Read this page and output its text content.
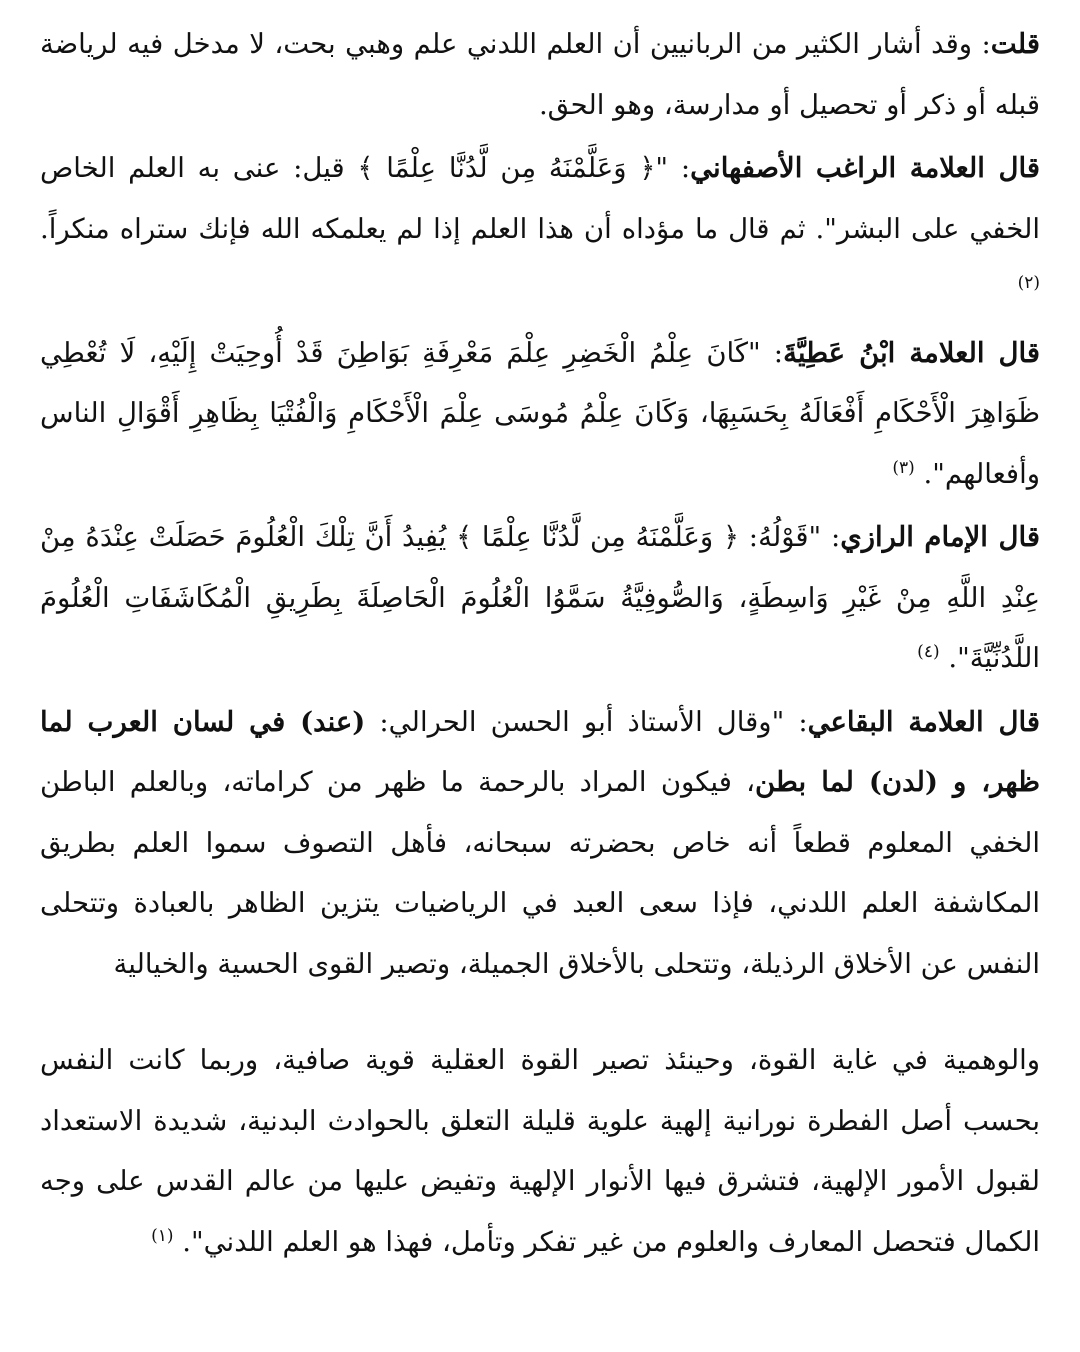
قلت: وقد أشار الكثير من الربانيين أن العلم اللدني علم وهبي بحت، لا مدخل فيه لرياضة قبله أو ذكر أو تحصيل أو مدارسة، وهو الحق.

قال العلامة الراغب الأصفهاني: "﴿ وَعَلَّمْنَهُ مِن لَّدُنَّا عِلْمًا ﴾ قيل: عنى به العلم الخاص الخفي على البشر". ثم قال ما مؤداه أن هذا العلم إذا لم يعلمكه الله فإنك ستراه منكراً. $^{(٢)}$

قال العلامة ابْنُ عَطِيَّةَ: "كَانَ عِلْمُ الْخَضِرِ عِلْمَ مَعْرِفَةِ بَوَاطِنَ قَدْ أُوحِيَتْ إِلَيْهِ، لَا تُعْطِي ظَوَاهِرَ الْأَحْكَامِ أَفْعَالَهُ بِحَسَبِهَا، وَكَانَ عِلْمُ مُوسَى عِلْمَ الْأَحْكَامِ وَالْفُتْيَا بِظَاهِرِ أَقْوَالِ الناس وأفعالهم". $^{(٣)}$

قال الإمام الرازي: "قَوْلُهُ: ﴿ وَعَلَّمْنَهُ مِن لَّدُنَّا عِلْمًا ﴾ يُفِيدُ أَنَّ تِلْكَ الْعُلُومَ حَصَلَتْ عِنْدَهُ مِنْ عِنْدِ اللَّهِ مِنْ غَيْرِ وَاسِطَةٍ، وَالصُّوفِيَّةُ سَمَّوُا الْعُلُومَ الْحَاصِلَةَ بِطَرِيقِ الْمُكَاشَفَاتِ الْعُلُومَ اللَّدُنِّيَّةَ". $^{(٤)}$

قال العلامة البقاعي: "وقال الأستاذ أبو الحسن الحرالي: (عند) في لسان العرب لما ظهر، و (لدن) لما بطن، فيكون المراد بالرحمة ما ظهر من كراماته، وبالعلم الباطن الخفي المعلوم قطعاً أنه خاص بحضرته سبحانه، فأهل التصوف سموا العلم بطريق المكاشفة العلم اللدني، فإذا سعى العبد في الرياضيات يتزين الظاهر بالعبادة وتتحلى النفس عن الأخلاق الرذيلة، وتتحلى بالأخلاق الجميلة، وتصير القوى الحسية والخيالية

والوهمية في غاية القوة، وحينئذ تصير القوة العقلية قوية صافية، وربما كانت النفس بحسب أصل الفطرة نورانية إلهية علوية قليلة التعلق بالحوادث البدنية، شديدة الاستعداد لقبول الأمور الإلهية، فتشرق فيها الأنوار الإلهية وتفيض عليها من عالم القدس على وجه الكمال فتحصل المعارف والعلوم من غير تفكر وتأمل، فهذا هو العلم اللدني". $^{(١)}$
